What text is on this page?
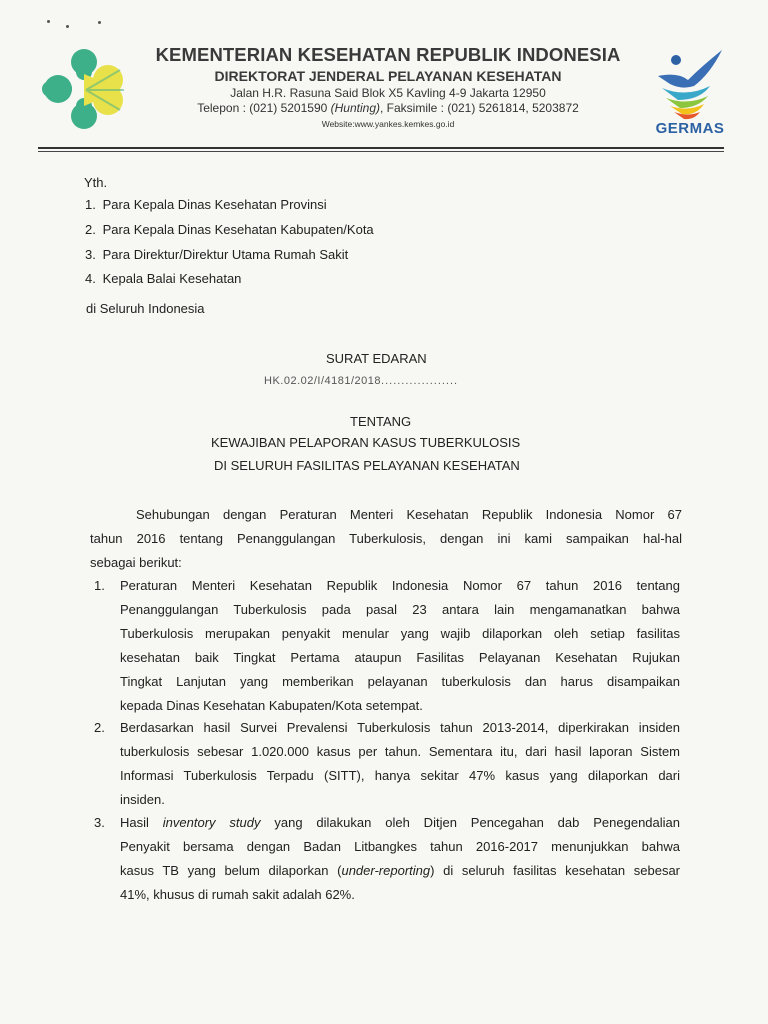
KEMENTERIAN KESEHATAN REPUBLIK INDONESIA
DIREKTORAT JENDERAL PELAYANAN KESEHATAN
Jalan H.R. Rasuna Said Blok X5 Kavling 4-9 Jakarta 12950
Telepon : (021) 5201590 (Hunting), Faksimile : (021) 5261814, 5203872
Website:www.yankes.kemkes.go.id	GERMAS
Yth.
1. Para Kepala Dinas Kesehatan Provinsi
2. Para Kepala Dinas Kesehatan Kabupaten/Kota
3. Para Direktur/Direktur Utama Rumah Sakit
4. Kepala Balai Kesehatan
di Seluruh Indonesia
SURAT EDARAN
HK.02.02/I/4181/2018...................
TENTANG
KEWAJIBAN PELAPORAN KASUS TUBERKULOSIS
DI SELURUH FASILITAS PELAYANAN KESEHATAN
Sehubungan dengan Peraturan Menteri Kesehatan Republik Indonesia Nomor 67
tahun 2016 tentang Penanggulangan Tuberkulosis, dengan ini kami sampaikan hal-hal
sebagai berikut:
1. Peraturan Menteri Kesehatan Republik Indonesia Nomor 67 tahun 2016 tentang
Penanggulangan Tuberkulosis pada pasal 23 antara lain mengamanatkan bahwa
Tuberkulosis merupakan penyakit menular yang wajib dilaporkan oleh setiap fasilitas
kesehatan baik Tingkat Pertama ataupun Fasilitas Pelayanan Kesehatan Rujukan
Tingkat Lanjutan yang memberikan pelayanan tuberkulosis dan harus disampaikan
kepada Dinas Kesehatan Kabupaten/Kota setempat.
2. Berdasarkan hasil Survei Prevalensi Tuberkulosis tahun 2013-2014, diperkirakan insiden
tuberkulosis sebesar 1.020.000 kasus per tahun. Sementara itu, dari hasil laporan Sistem
Informasi Tuberkulosis Terpadu (SITT), hanya sekitar 47% kasus yang dilaporkan dari
insiden.
3. Hasil inventory study yang dilakukan oleh Ditjen Pencegahan dab Penegendalian
Penyakit bersama dengan Badan Litbangkes tahun 2016-2017 menunjukkan bahwa
kasus TB yang belum dilaporkan (under-reporting) di seluruh fasilitas kesehatan sebesar
41%, khusus di rumah sakit adalah 62%.
